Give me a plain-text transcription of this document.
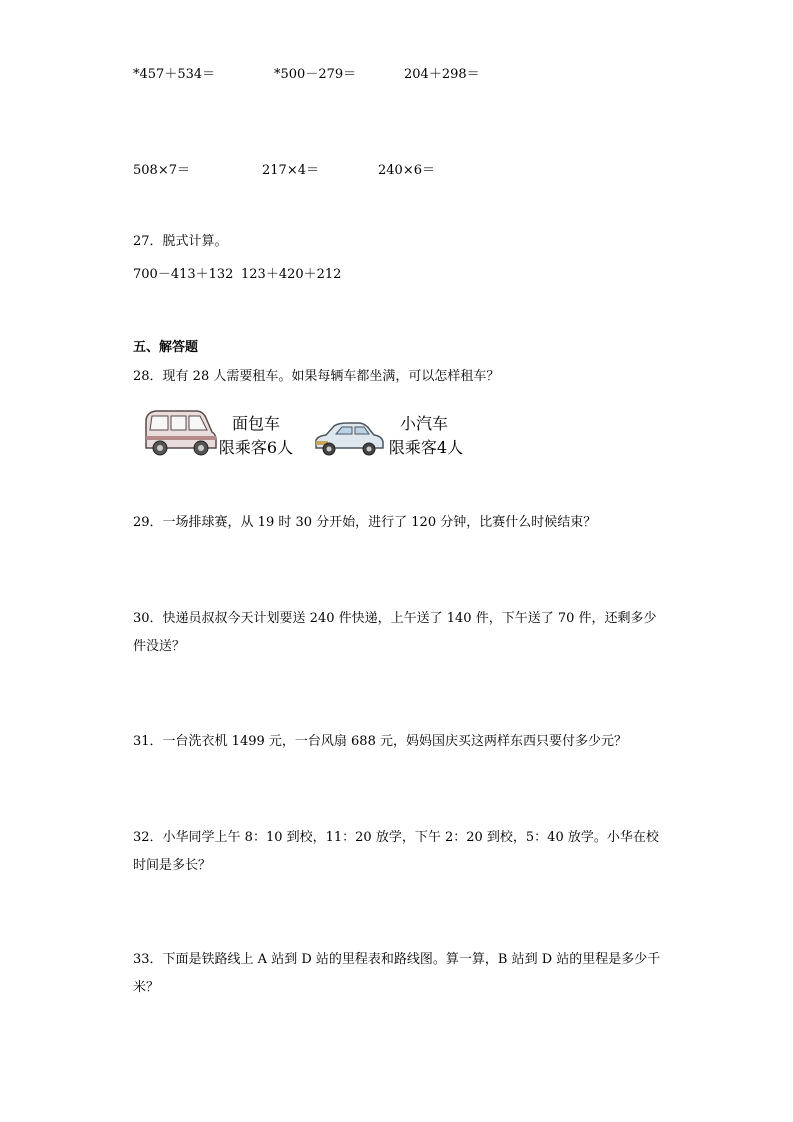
*457＋534＝	*500－279＝	204＋298＝
508×7＝	217×4＝	240×6＝
27．脱式计算。
700－413＋132 123＋420＋212
五、解答题
28．现有 28 人需要租车。如果每辆车都坐满，可以怎样租车？
面包车
限乘客6人
小汽车
限乘客4人
29．一场排球赛，从 19 时 30 分开始，进行了 120 分钟，比赛什么时候结束？
30．快递员叔叔今天计划要送 240 件快递，上午送了 140 件，下午送了 70 件，还剩多少件没送？
31．一台洗衣机 1499 元，一台风扇 688 元，妈妈国庆买这两样东西只要付多少元？
32．小华同学上午 8：10 到校，11：20 放学，下午 2：20 到校，5：40 放学。小华在校时间是多长？
33．下面是铁路线上 A 站到 D 站的里程表和路线图。算一算，B 站到 D 站的里程是多少千米？
